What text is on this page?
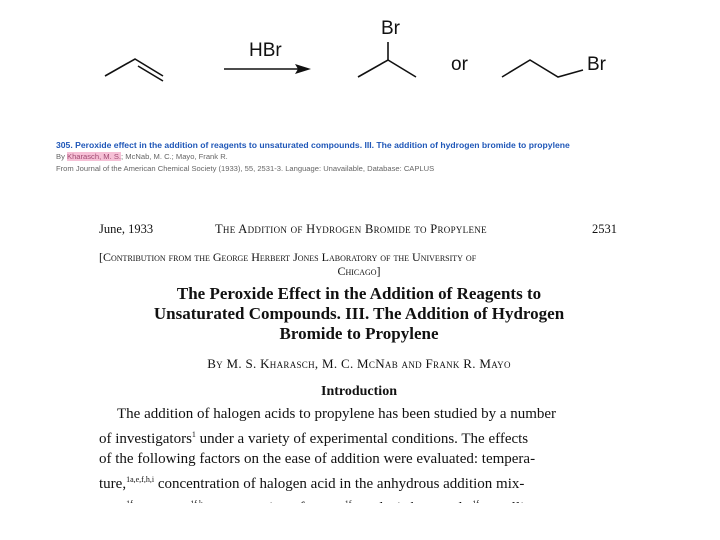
HBr
Br
or	Br
305. Peroxide effect in the addition of reagents to unsaturated compounds. III. The addition of hydrogen bromide to propylene
By Kharasch, M. S.; McNab, M. C.; Mayo, Frank R.
From Journal of the American Chemical Society (1933), 55, 2531-3. Language: Unavailable, Database: CAPLUS
June, 1933	The Addition of Hydrogen Bromide to Propylene	2531
[Contribution from the George Herbert Jones Laboratory of the University of
Chicago]
The Peroxide Effect in the Addition of Reagents to
Unsaturated Compounds. III. The Addition of Hydrogen
Bromide to Propylene
By M. S. Kharasch, M. C. McNab and Frank R. Mayo
Introduction
The addition of halogen acids to propylene has been studied by a number
of investigators$^1$ under a variety of experimental conditions. The effects
of the following factors on the ease of addition were evaluated: tempera-
ture,$^{1a,e,f,h,i}$ concentration of halogen acid in the anhydrous addition mix-
